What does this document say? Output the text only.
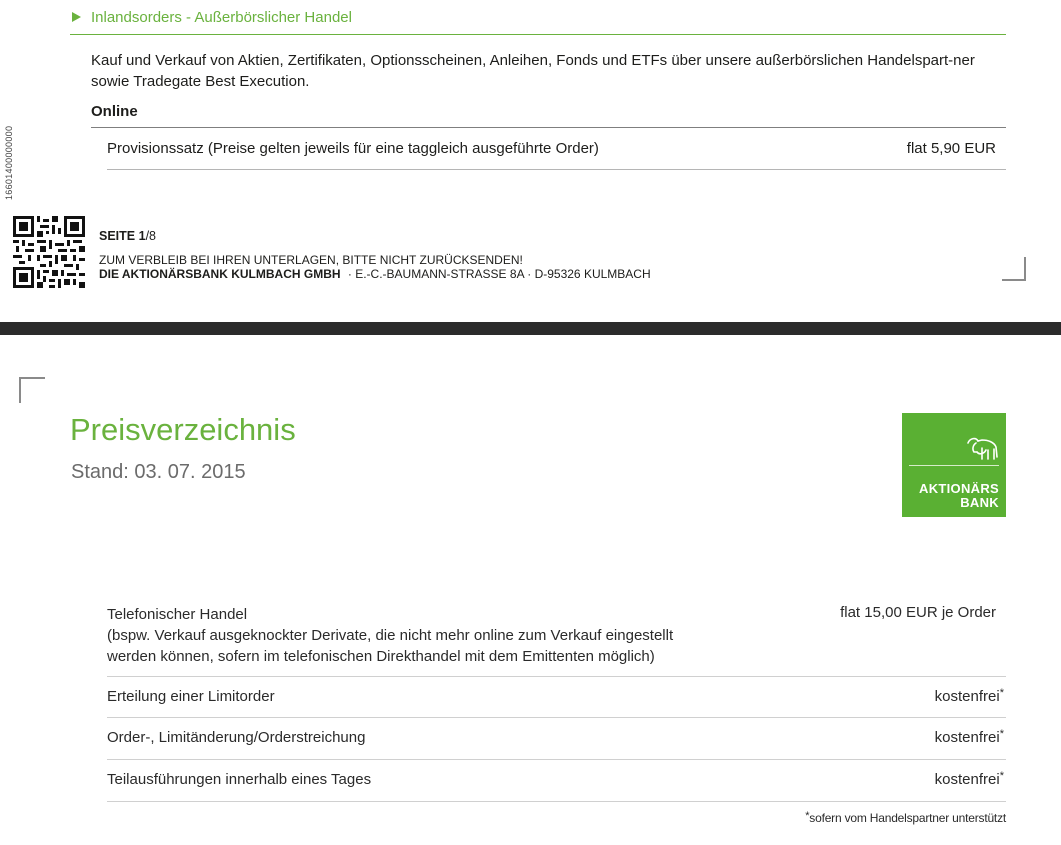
Inlandsorders - Außerbörslicher Handel
Kauf und Verkauf von Aktien, Zertifikaten, Optionsscheinen, Anleihen, Fonds und ETFs über unsere außerbörslichen Handelspart-ner sowie Tradegate Best Execution.
Online
Provisionssatz (Preise gelten jeweils für eine taggleich ausgeführte Order)	flat 5,90 EUR
16601400000000
SEITE 1/8
ZUM VERBLEIB BEI IHREN UNTERLAGEN, BITTE NICHT ZURÜCKSENDEN!
DIE AKTIONÄRSBANK KULMBACH GMBH · E.-C.-BAUMANN-STRASSE 8A · D-95326 KULMBACH
Preisverzeichnis
Stand: 03. 07. 2015
AKTIONÄRS
BANK
Telefonischer Handel
(bspw. Verkauf ausgeknockter Derivate, die nicht mehr online zum Verkauf eingestellt
werden können, sofern im telefonischen Direkthandel mit dem Emittenten möglich)
flat 15,00 EUR je Order
Erteilung einer Limitorder	kostenfrei*
Order-, Limitänderung/Orderstreichung	kostenfrei*
Teilausführungen innerhalb eines Tages	kostenfrei*
*sofern vom Handelspartner unterstützt
